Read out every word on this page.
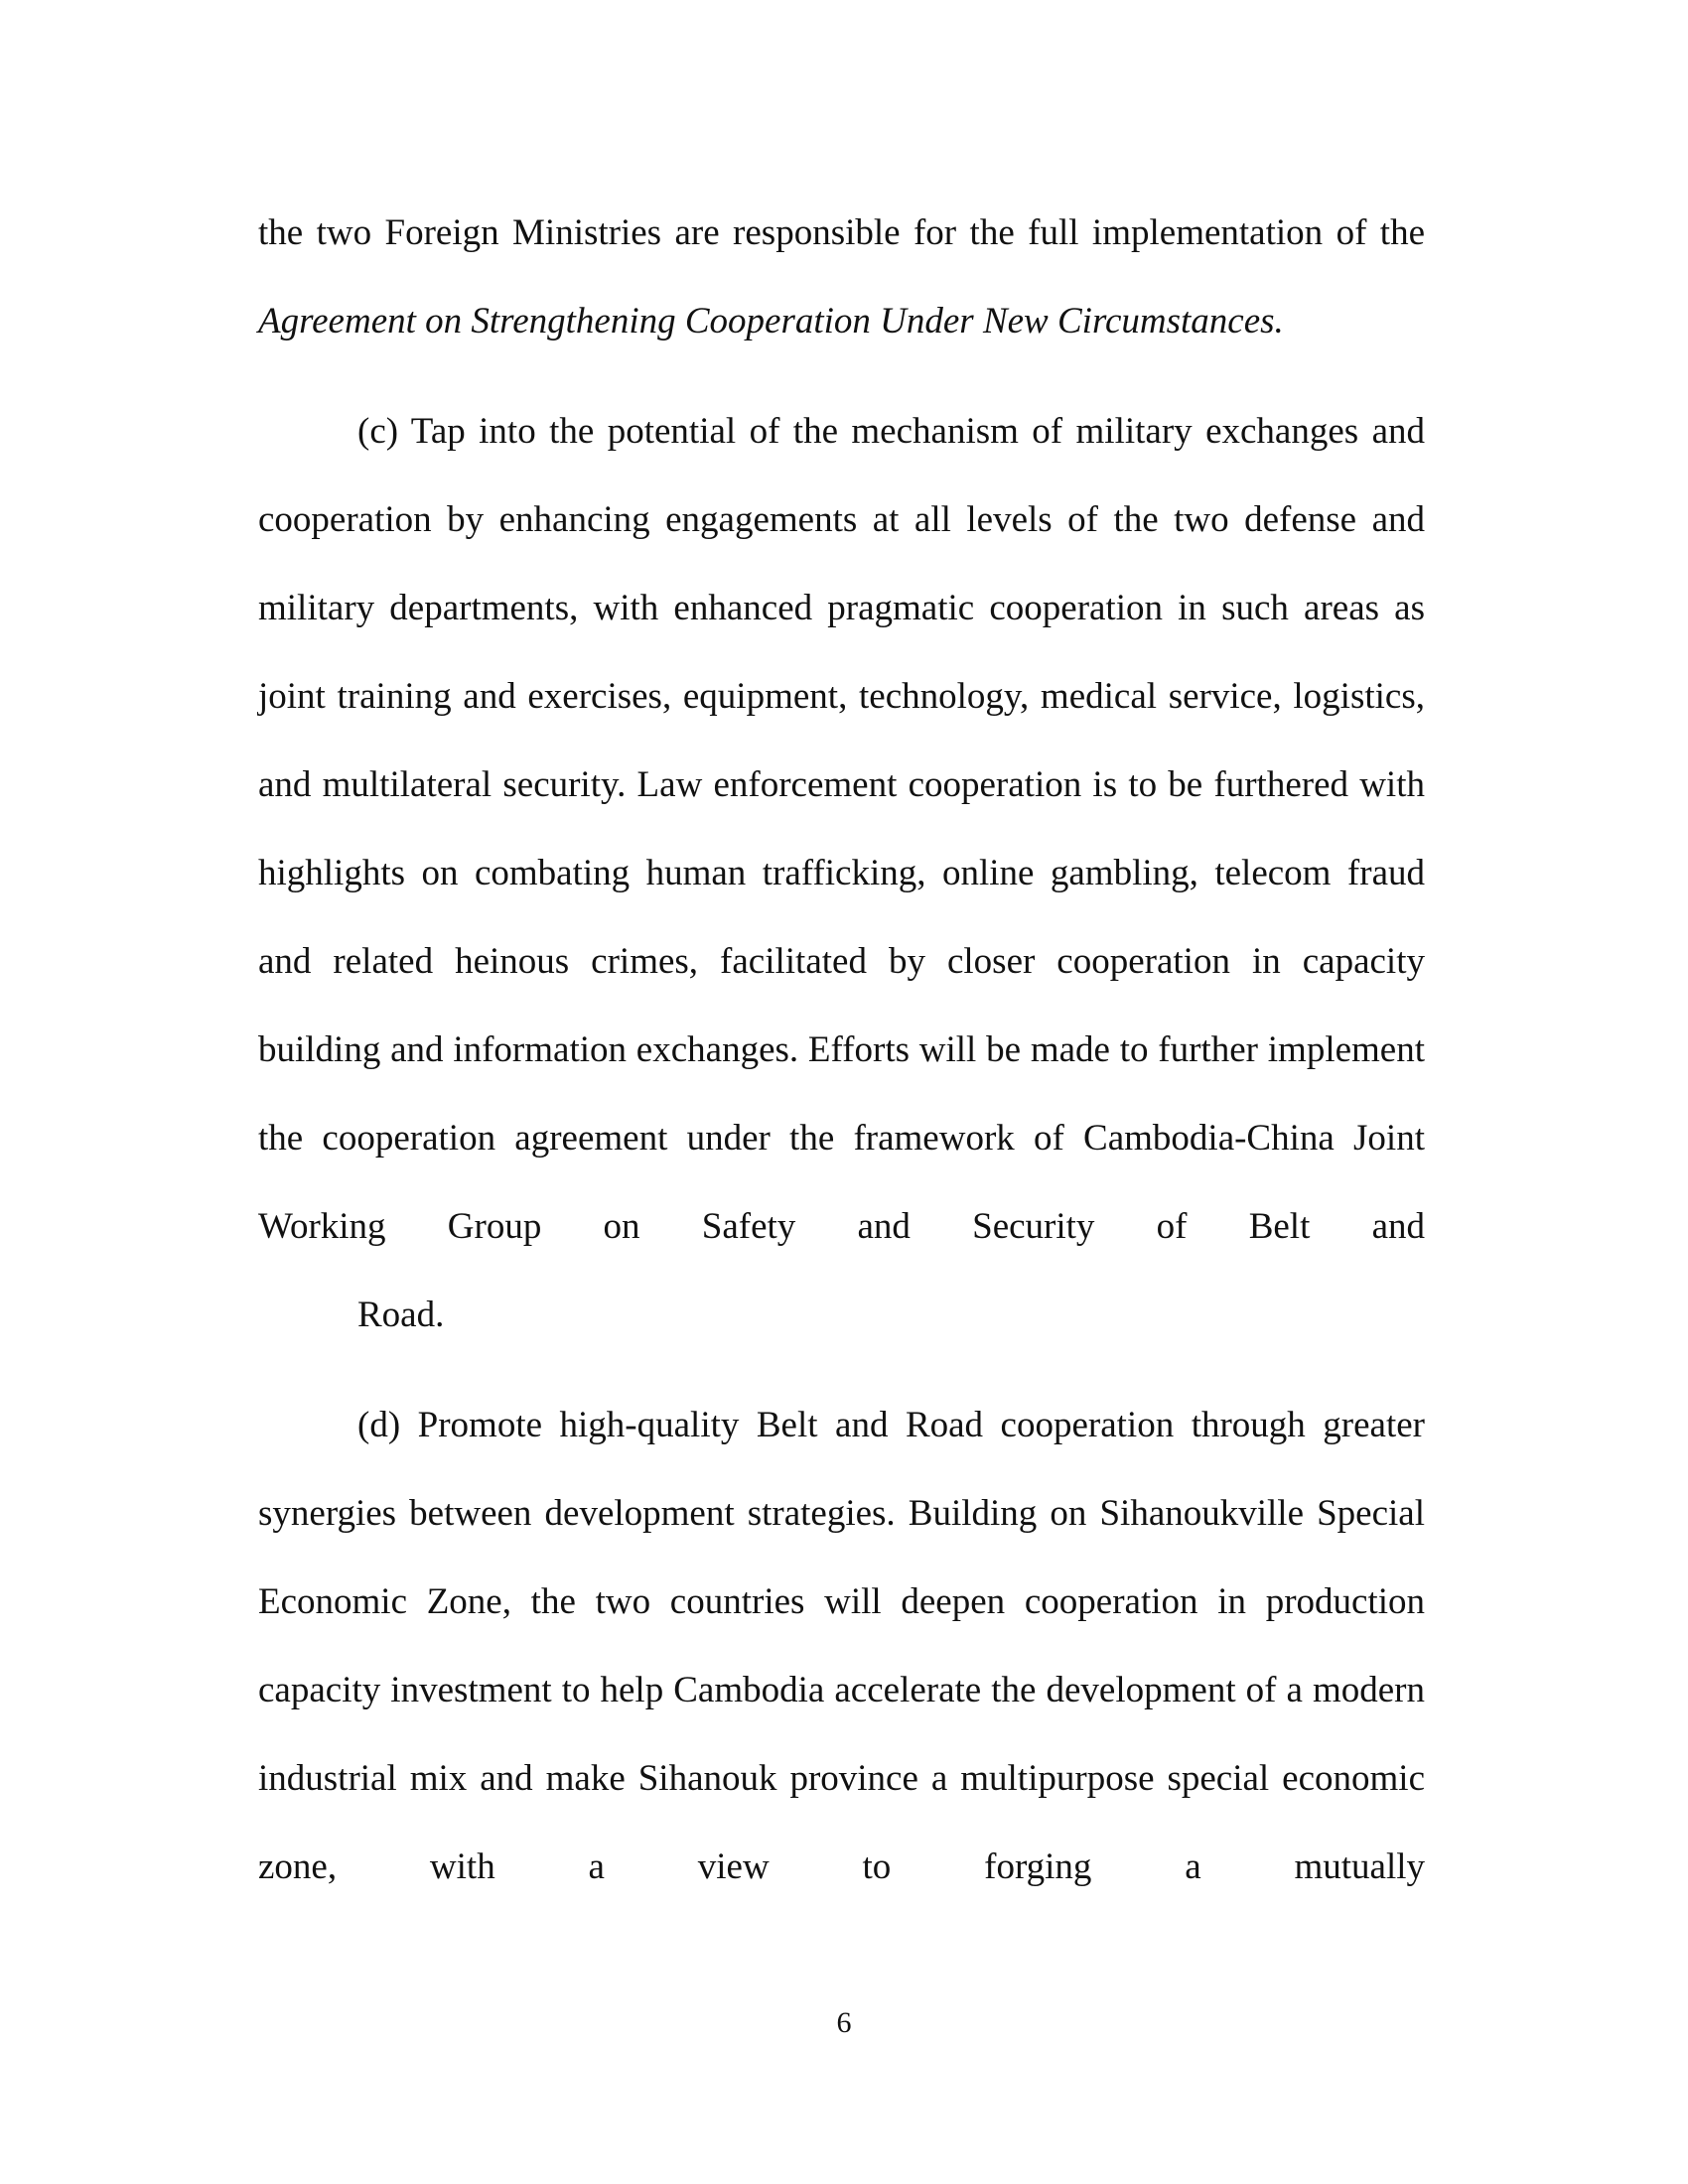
the two Foreign Ministries are responsible for the full implementation of the
Agreement on Strengthening Cooperation Under New Circumstances.

(c) Tap into the potential of the mechanism of military exchanges and cooperation by enhancing engagements at all levels of the two defense and military departments, with enhanced pragmatic cooperation in such areas as joint training and exercises, equipment, technology, medical service, logistics, and multilateral security. Law enforcement cooperation is to be furthered with highlights on combating human trafficking, online gambling, telecom fraud and related heinous crimes, facilitated by closer cooperation in capacity building and information exchanges. Efforts will be made to further implement the cooperation agreement under the framework of Cambodia-China Joint Working Group on Safety and Security of Belt and
Road.

(d) Promote high-quality Belt and Road cooperation through greater synergies between development strategies. Building on Sihanoukville Special Economic Zone, the two countries will deepen cooperation in production capacity investment to help Cambodia accelerate the development of a modern industrial mix and make Sihanouk province a multipurpose special economic zone, with a view to forging a mutually

6
